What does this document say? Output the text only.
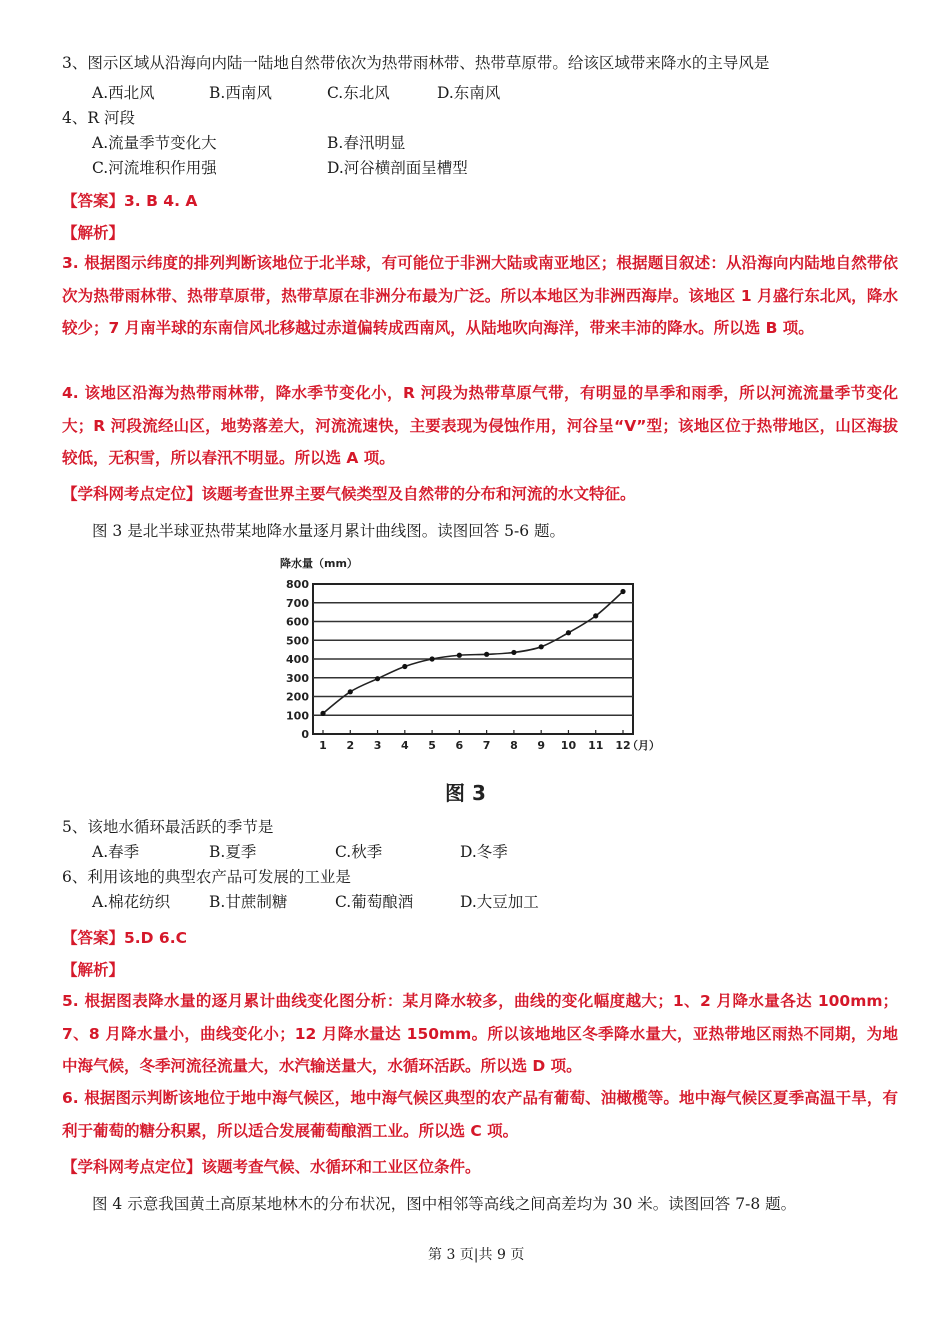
3、图示区域从沿海向内陆一陆地自然带依次为热带雨林带、热带草原带。给该区域带来降水的主导风是
A.西北风	B.西南风	C.东北风	D.东南风
4、R 河段
A.流量季节变化大	B.春汛明显
C.河流堆积作用强	D.河谷横剖面呈槽型
【答案】3. B 4. A
【解析】
3. 根据图示纬度的排列判断该地位于北半球，有可能位于非洲大陆或南亚地区；根据题目叙述：从沿海向内陆地自然带依次为热带雨林带、热带草原带，热带草原在非洲分布最为广泛。所以本地区为非洲西海岸。该地区 1 月盛行东北风，降水较少；7 月南半球的东南信风北移越过赤道偏转成西南风，从陆地吹向海洋，带来丰沛的降水。所以选 B 项。
4. 该地区沿海为热带雨林带，降水季节变化小，R 河段为热带草原气带，有明显的旱季和雨季，所以河流流量季节变化大；R 河段流经山区，地势落差大，河流流速快，主要表现为侵蚀作用，河谷呈“V”型；该地区位于热带地区，山区海拔较低，无积雪，所以春汛不明显。所以选 A 项。
【学科网考点定位】该题考查世界主要气候类型及自然带的分布和河流的水文特征。
图 3 是北半球亚热带某地降水量逐月累计曲线图。读图回答 5-6 题。
降水量（mm）
0
100
200
300
400
500
600
700
800
1 2 3 4 5 6 7 8 9 10 11 12
（月）
图 3
5、该地水循环最活跃的季节是
A.春季	B.夏季	C.秋季	D.冬季
6、利用该地的典型农产品可发展的工业是
A.棉花纺织	B.甘蔗制糖	C.葡萄酿酒	D.大豆加工
【答案】5.D 6.C
【解析】
5. 根据图表降水量的逐月累计曲线变化图分析：某月降水较多，曲线的变化幅度越大；1、2 月降水量各达 100mm；7、8 月降水量小，曲线变化小；12 月降水量达 150mm。所以该地地区冬季降水量大，亚热带地区雨热不同期，为地中海气候，冬季河流径流量大，水汽输送量大，水循环活跃。所以选 D 项。
6. 根据图示判断该地位于地中海气候区，地中海气候区典型的农产品有葡萄、油橄榄等。地中海气候区夏季高温干旱，有利于葡萄的糖分积累，所以适合发展葡萄酿酒工业。所以选 C 项。
【学科网考点定位】该题考查气候、水循环和工业区位条件。
图 4 示意我国黄土高原某地林木的分布状况，图中相邻等高线之间高差均为 30 米。读图回答 7-8 题。
第 3 页|共 9 页
